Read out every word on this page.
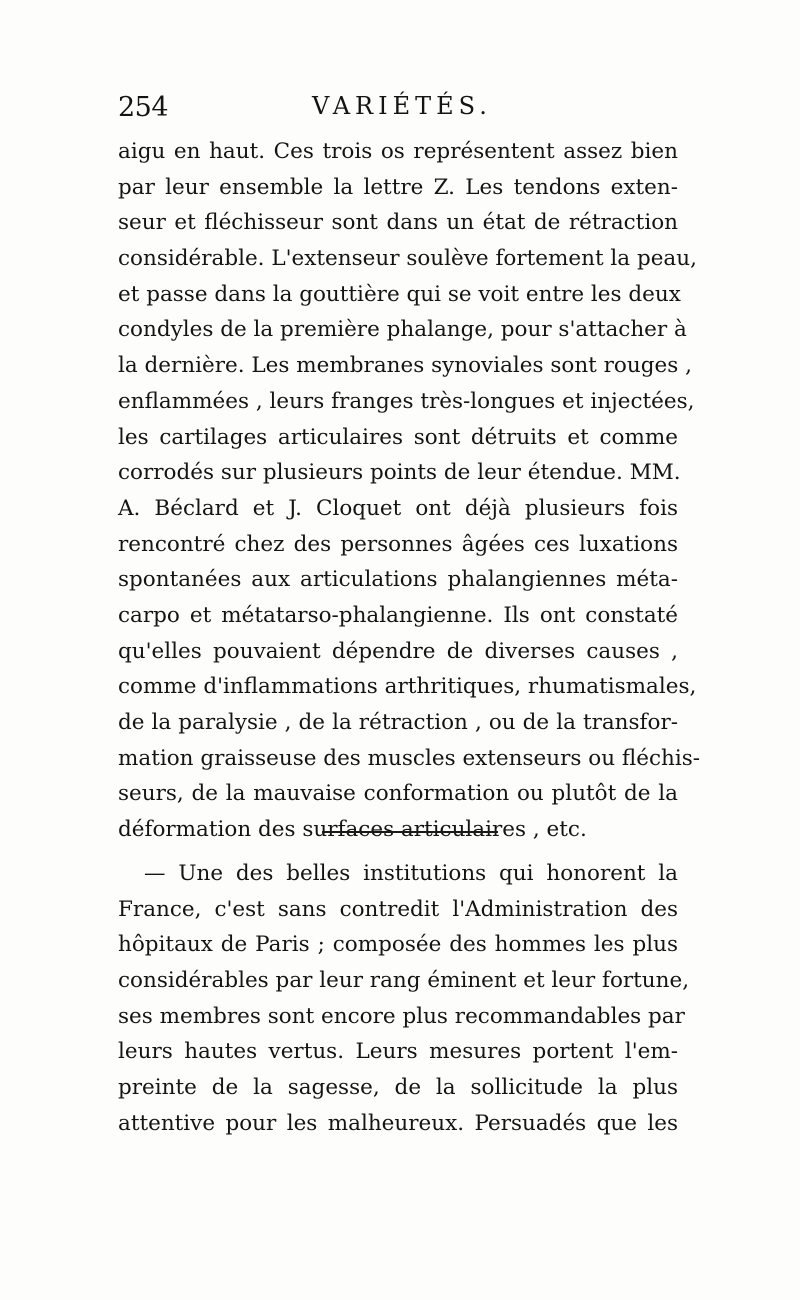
254	VARIÉTÉS.
aigu en haut. Ces trois os représentent assez bien
par leur ensemble la lettre Z. Les tendons exten-
seur et fléchisseur sont dans un état de rétraction
considérable. L'extenseur soulève fortement la peau,
et passe dans la gouttière qui se voit entre les deux
condyles de la première phalange, pour s'attacher à
la dernière. Les membranes synoviales sont rouges ,
enflammées , leurs franges très-longues et injectées,
les cartilages articulaires sont détruits et comme
corrodés sur plusieurs points de leur étendue. MM.
A. Béclard et J. Cloquet ont déjà plusieurs fois
rencontré chez des personnes âgées ces luxations
spontanées aux articulations phalangiennes méta-
carpo et métatarso-phalangienne. Ils ont constaté
qu'elles pouvaient dépendre de diverses causes ,
comme d'inflammations arthritiques, rhumatismales,
de la paralysie , de la rétraction , ou de la transfor-
mation graisseuse des muscles extenseurs ou fléchis-
seurs, de la mauvaise conformation ou plutôt de la
déformation des surfaces articulaires , etc.
— Une des belles institutions qui honorent la
France, c'est sans contredit l'Administration des
hôpitaux de Paris ; composée des hommes les plus
considérables par leur rang éminent et leur fortune,
ses membres sont encore plus recommandables par
leurs hautes vertus. Leurs mesures portent l'em-
preinte de la sagesse, de la sollicitude la plus
attentive pour les malheureux. Persuadés que les
